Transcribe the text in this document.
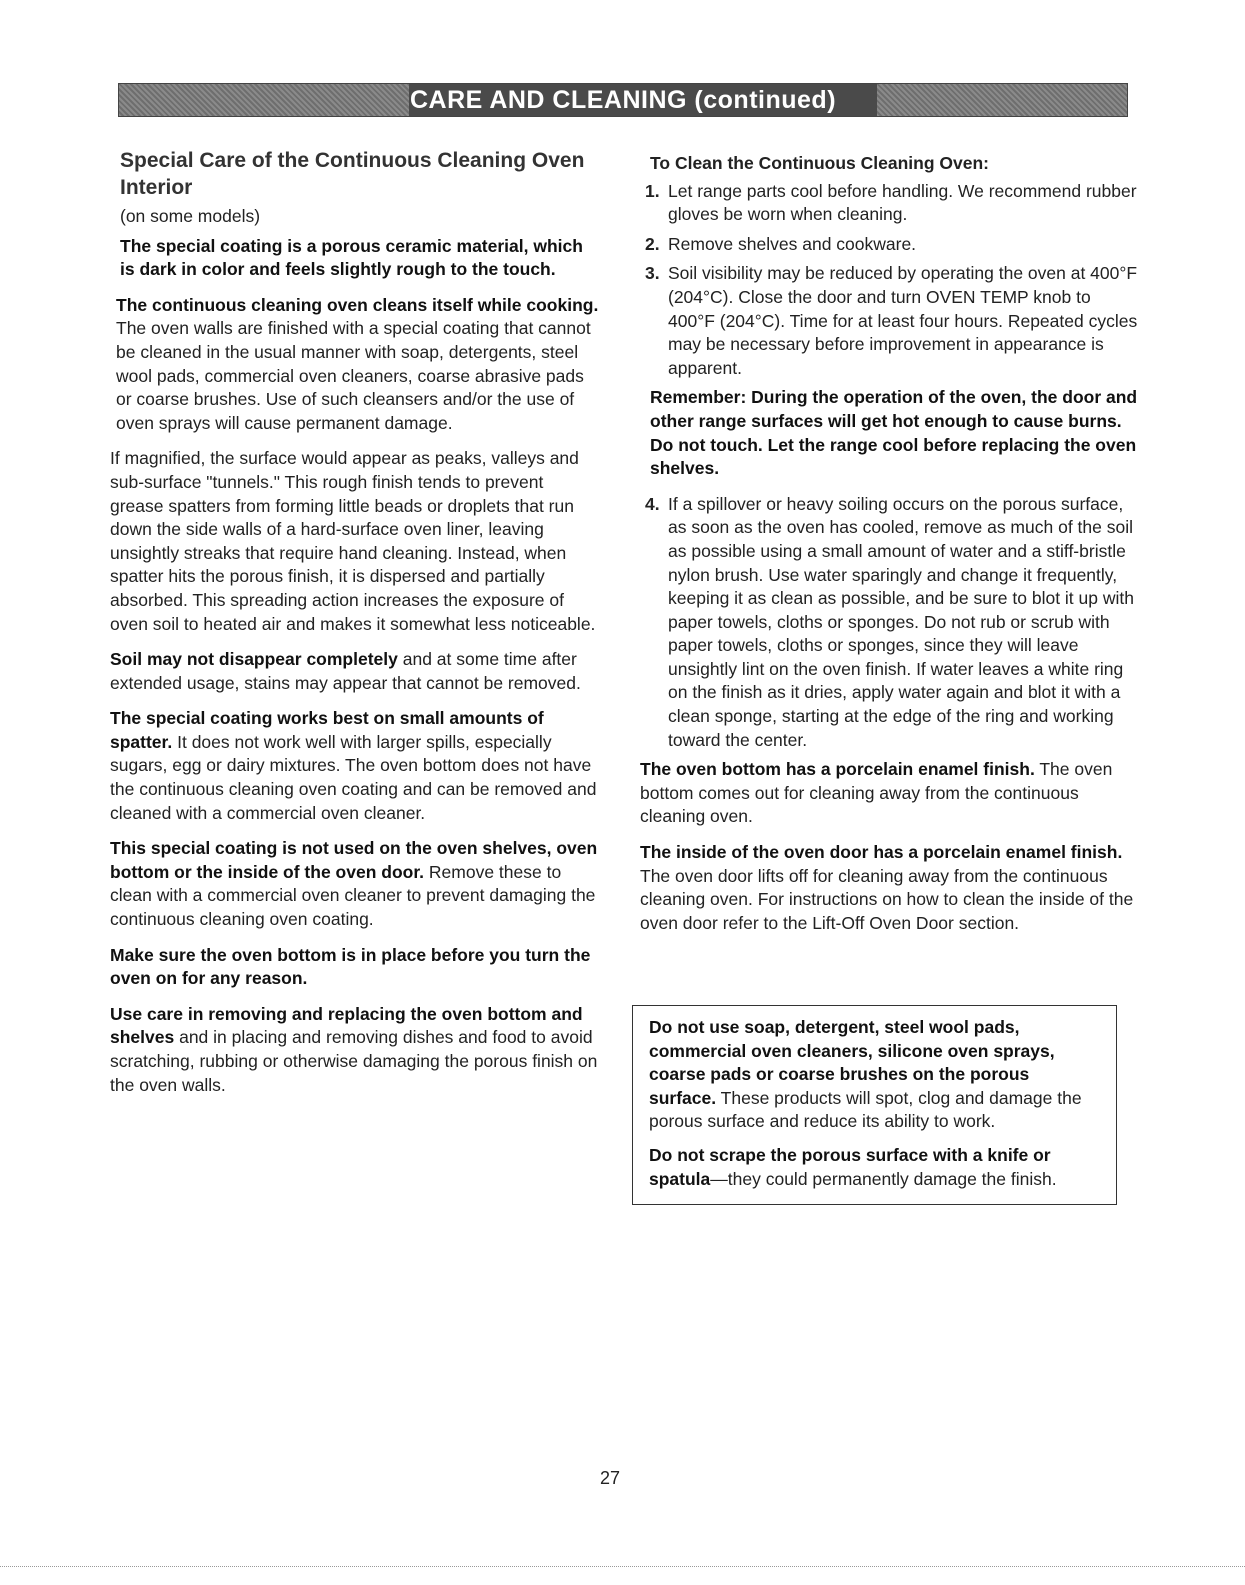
CARE AND CLEANING (continued)
Special Care of the Continuous Cleaning Oven Interior
(on some models)
The special coating is a porous ceramic material, which is dark in color and feels slightly rough to the touch.
The continuous cleaning oven cleans itself while cooking. The oven walls are finished with a special coating that cannot be cleaned in the usual manner with soap, detergents, steel wool pads, commercial oven cleaners, coarse abrasive pads or coarse brushes. Use of such cleansers and/or the use of oven sprays will cause permanent damage.
If magnified, the surface would appear as peaks, valleys and sub-surface "tunnels." This rough finish tends to prevent grease spatters from forming little beads or droplets that run down the side walls of a hard-surface oven liner, leaving unsightly streaks that require hand cleaning. Instead, when spatter hits the porous finish, it is dispersed and partially absorbed. This spreading action increases the exposure of oven soil to heated air and makes it somewhat less noticeable.
Soil may not disappear completely and at some time after extended usage, stains may appear that cannot be removed.
The special coating works best on small amounts of spatter. It does not work well with larger spills, especially sugars, egg or dairy mixtures. The oven bottom does not have the continuous cleaning oven coating and can be removed and cleaned with a commercial oven cleaner.
This special coating is not used on the oven shelves, oven bottom or the inside of the oven door. Remove these to clean with a commercial oven cleaner to prevent damaging the continuous cleaning oven coating.
Make sure the oven bottom is in place before you turn the oven on for any reason.
Use care in removing and replacing the oven bottom and shelves and in placing and removing dishes and food to avoid scratching, rubbing or otherwise damaging the porous finish on the oven walls.
To Clean the Continuous Cleaning Oven:
1. Let range parts cool before handling. We recommend rubber gloves be worn when cleaning.
2. Remove shelves and cookware.
3. Soil visibility may be reduced by operating the oven at 400°F (204°C). Close the door and turn OVEN TEMP knob to 400°F (204°C). Time for at least four hours. Repeated cycles may be necessary before improvement in appearance is apparent.
Remember: During the operation of the oven, the door and other range surfaces will get hot enough to cause burns. Do not touch. Let the range cool before replacing the oven shelves.
4. If a spillover or heavy soiling occurs on the porous surface, as soon as the oven has cooled, remove as much of the soil as possible using a small amount of water and a stiff-bristle nylon brush. Use water sparingly and change it frequently, keeping it as clean as possible, and be sure to blot it up with paper towels, cloths or sponges. Do not rub or scrub with paper towels, cloths or sponges, since they will leave unsightly lint on the oven finish. If water leaves a white ring on the finish as it dries, apply water again and blot it with a clean sponge, starting at the edge of the ring and working toward the center.
The oven bottom has a porcelain enamel finish. The oven bottom comes out for cleaning away from the continuous cleaning oven.
The inside of the oven door has a porcelain enamel finish. The oven door lifts off for cleaning away from the continuous cleaning oven. For instructions on how to clean the inside of the oven door refer to the Lift-Off Oven Door section.
Do not use soap, detergent, steel wool pads, commercial oven cleaners, silicone oven sprays, coarse pads or coarse brushes on the porous surface. These products will spot, clog and damage the porous surface and reduce its ability to work.
Do not scrape the porous surface with a knife or spatula—they could permanently damage the finish.
27
